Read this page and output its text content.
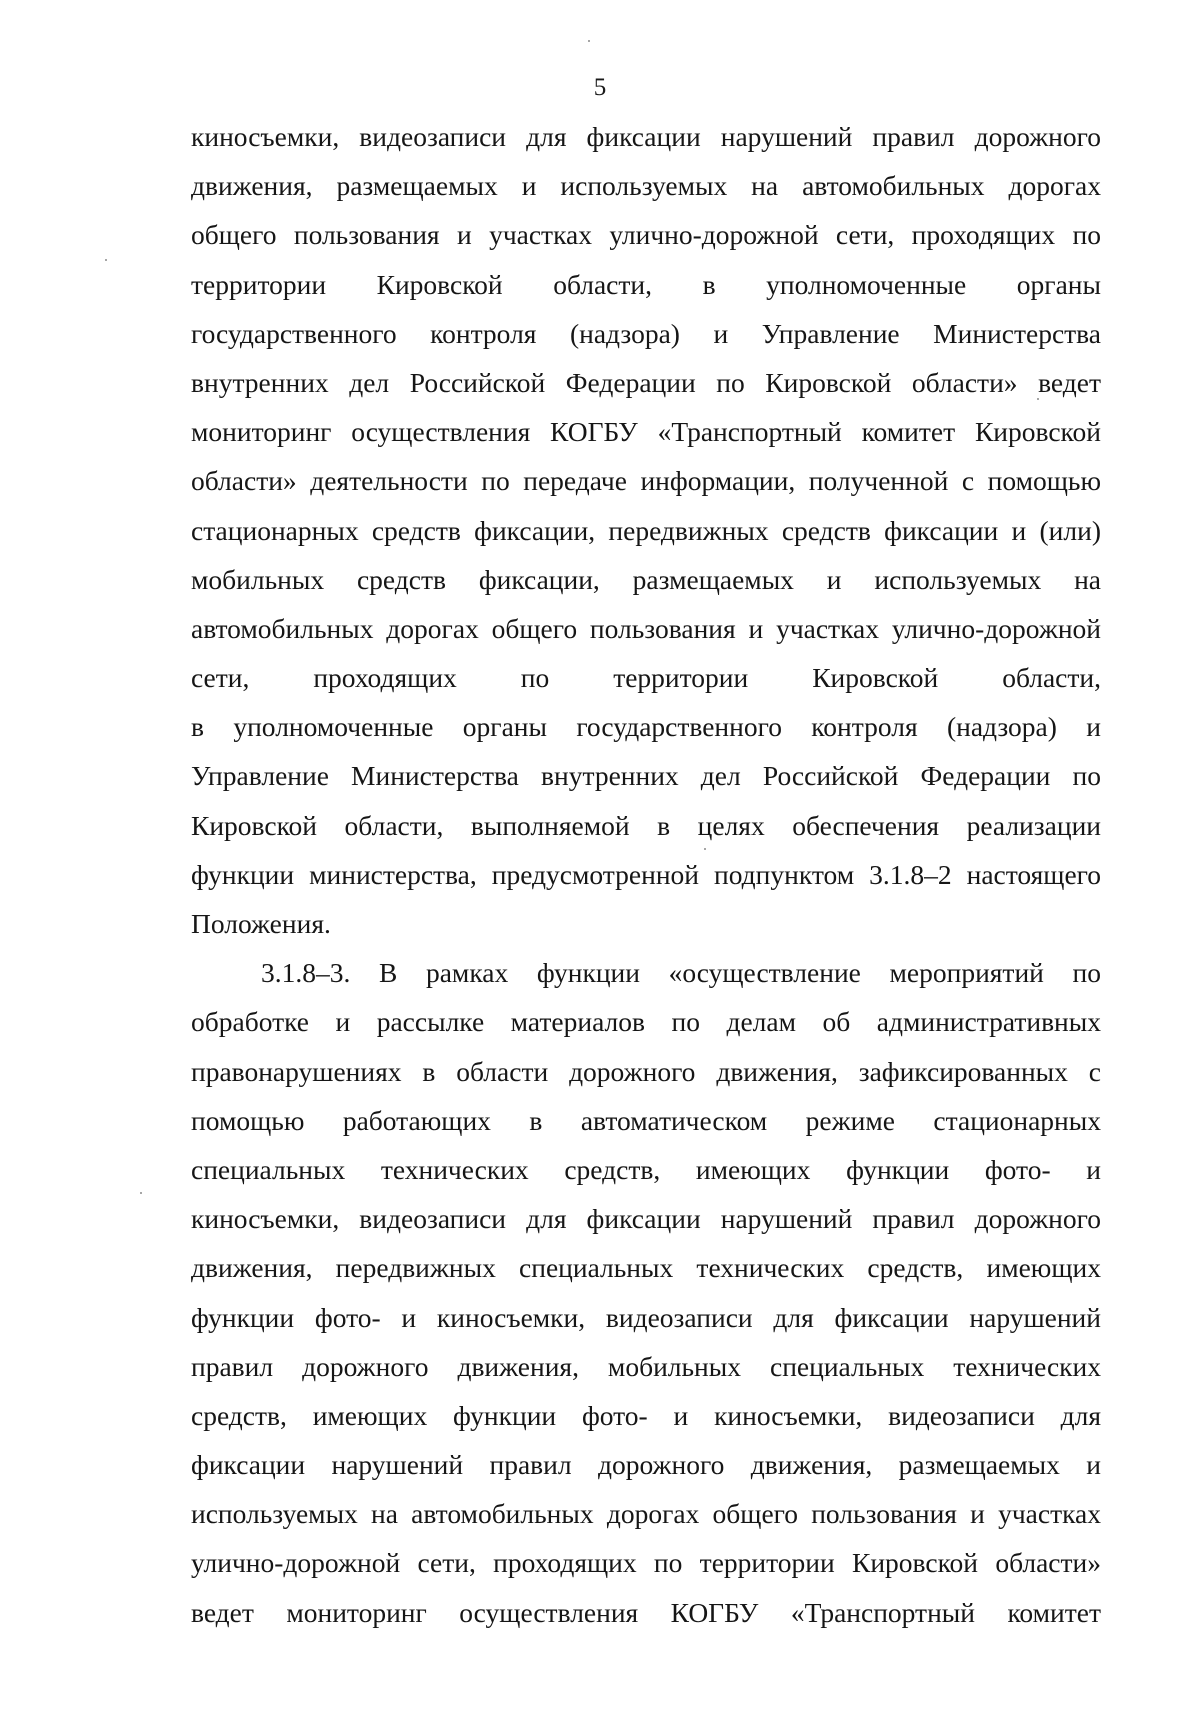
5
киносъемки, видеозаписи для фиксации нарушений правил дорожного
движения, размещаемых и используемых на автомобильных дорогах
общего пользования и участках улично-дорожной сети, проходящих по
территории Кировской области, в уполномоченные органы
государственного контроля (надзора) и Управление Министерства
внутренних дел Российской Федерации по Кировской области» ведет
мониторинг осуществления КОГБУ «Транспортный комитет Кировской
области» деятельности по передаче информации, полученной с помощью
стационарных средств фиксации, передвижных средств фиксации и (или)
мобильных средств фиксации, размещаемых и используемых на
автомобильных дорогах общего пользования и участках улично-дорожной
сети, проходящих по территории Кировской области,
в уполномоченные органы государственного контроля (надзора) и
Управление Министерства внутренних дел Российской Федерации по
Кировской области, выполняемой в целях обеспечения реализации
функции министерства, предусмотренной подпунктом 3.1.8–2 настоящего
Положения.
3.1.8–3. В рамках функции «осуществление мероприятий по
обработке и рассылке материалов по делам об административных
правонарушениях в области дорожного движения, зафиксированных с
помощью работающих в автоматическом режиме стационарных
специальных технических средств, имеющих функции фото- и
киносъемки, видеозаписи для фиксации нарушений правил дорожного
движения, передвижных специальных технических средств, имеющих
функции фото- и киносъемки, видеозаписи для фиксации нарушений
правил дорожного движения, мобильных специальных технических
средств, имеющих функции фото- и киносъемки, видеозаписи для
фиксации нарушений правил дорожного движения, размещаемых и
используемых на автомобильных дорогах общего пользования и участках
улично-дорожной сети, проходящих по территории Кировской области»
ведет мониторинг осуществления КОГБУ «Транспортный комитет
